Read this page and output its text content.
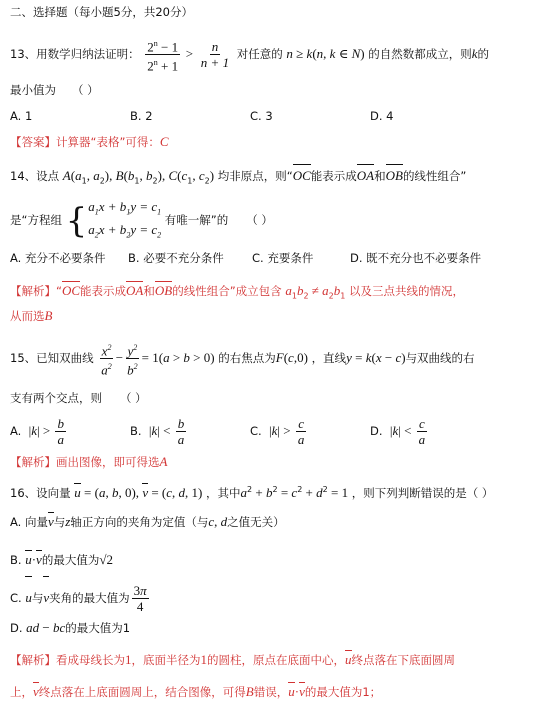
二、选择题（每小题5分，共20分）
13、用数学归纳法证明： $\frac{2^n - 1}{2^n + 1} > \frac{n}{n + 1}$ 对任意的 n ≥ k(n, k ∈ N) 的自然数都成立，则k的
最小值为 （ ）
A. 1	B. 2	C. 3	D. 4
【答案】计算器“表格”可得：C
14、设点 $A(a_1$, $a_2$), $B(b_1$, $b_2$), $C(c_1$, $c_2$) 均非原点，则“OC能表示成OA和OB的线性组合”
是“方程组 { $a_1x + b_1y = c_1$
$a_2x + b_2y = c_2$
有唯一解”的 （ ）
A. 充分不必要条件 B. 必要不充分条件 C. 充要条件	D. 既不充分也不必要条件
【解析】“OC能表示成OA和OB的线性组合”成立包含 $a_1b_2 \ne a_2b_1$ 以及三点共线的情况，
从而选B
15、已知双曲线 $\frac{x^2}{a^2} - \frac{y^2}{b^2} = 1(a > b > 0)$ 的右焦点为F(c,0) ，直线y = k(x − c)与双曲线的右
支有两个交点，则 （ ）
A.  $|k| > \frac{b}{a}$	B.  $|k| < \frac{b}{a}$	C.  $|k| > \frac{c}{a}$	D.  $|k| < \frac{c}{a}$
【解析】画出图像，即可得选A
16、设向量 u = (a, b, 0), v = (c, d, 1) ，其中$a^2 + b^2 = c^2 + d^2 = 1$ ，则下列判断错误的是（ ）
A. 向量v与z轴正方向的夹角为定值（与c, d之值无关）
B. u·v的最大值为√2
C. u与v夹角的最大值为 $\frac{3\pi}{4}$
D. ad − bc的最大值为1
【解析】看成母线长为1，底面半径为1的圆柱，原点在底面中心，u终点落在下底面圆周
上，v终点落在上底面圆周上，结合图像，可得B错误，u·v的最大值为1；
